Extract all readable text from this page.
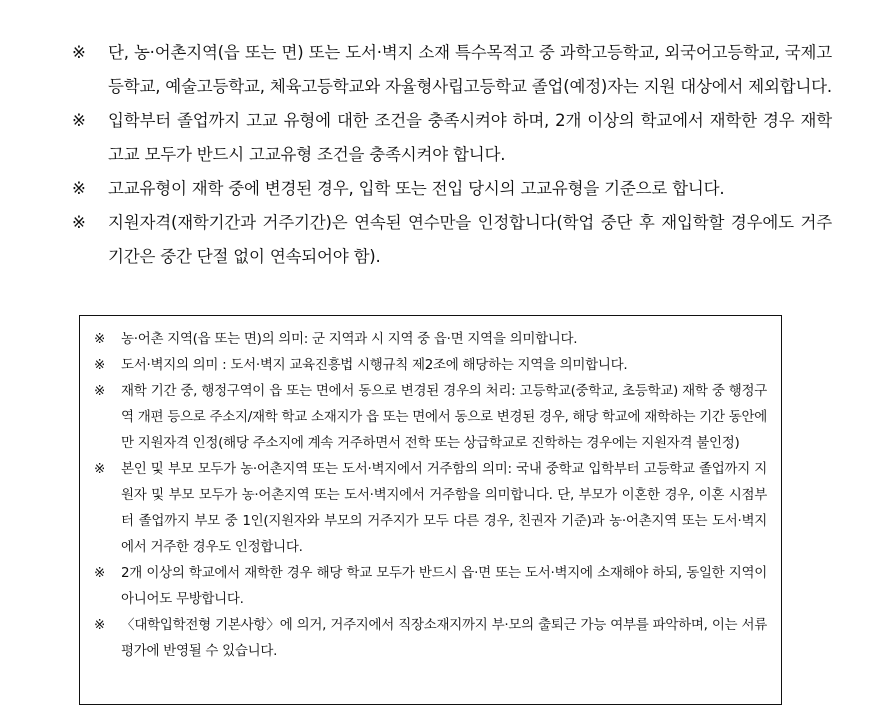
※ 단, 농·어촌지역(읍 또는 면) 또는 도서·벽지 소재 특수목적고 중 과학고등학교, 외국어고등학교, 국제고등학교, 예술고등학교, 체육고등학교와 자율형사립고등학교 졸업(예정)자는 지원 대상에서 제외합니다.
※ 입학부터 졸업까지 고교 유형에 대한 조건을 충족시켜야 하며, 2개 이상의 학교에서 재학한 경우 재학 고교 모두가 반드시 고교유형 조건을 충족시켜야 합니다.
※ 고교유형이 재학 중에 변경된 경우, 입학 또는 전입 당시의 고교유형을 기준으로 합니다.
※ 지원자격(재학기간과 거주기간)은 연속된 연수만을 인정합니다(학업 중단 후 재입학할 경우에도 거주기간은 중간 단절 없이 연속되어야 함).
※ 농·어촌 지역(읍 또는 면)의 의미: 군 지역과 시 지역 중 읍·면 지역을 의미합니다.
※ 도서·벽지의 의미 : 도서·벽지 교육진흥법 시행규칙 제2조에 해당하는 지역을 의미합니다.
※ 재학 기간 중, 행정구역이 읍 또는 면에서 동으로 변경된 경우의 처리: 고등학교(중학교, 초등학교) 재학 중 행정구역 개편 등으로 주소지/재학 학교 소재지가 읍 또는 면에서 동으로 변경된 경우, 해당 학교에 재학하는 기간 동안에만 지원자격 인정(해당 주소지에 계속 거주하면서 전학 또는 상급학교로 진학하는 경우에는 지원자격 불인정)
※ 본인 및 부모 모두가 농·어촌지역 또는 도서·벽지에서 거주함의 의미: 국내 중학교 입학부터 고등학교 졸업까지 지원자 및 부모 모두가 농·어촌지역 또는 도서·벽지에서 거주함을 의미합니다. 단, 부모가 이혼한 경우, 이혼 시점부터 졸업까지 부모 중 1인(지원자와 부모의 거주지가 모두 다른 경우, 친권자 기준)과 농·어촌지역 또는 도서·벽지에서 거주한 경우도 인정합니다.
※ 2개 이상의 학교에서 재학한 경우 해당 학교 모두가 반드시 읍·면 또는 도서·벽지에 소재해야 하되, 동일한 지역이 아니어도 무방합니다.
※ 〈대학입학전형 기본사항〉에 의거, 거주지에서 직장소재지까지 부·모의 출퇴근 가능 여부를 파악하며, 이는 서류평가에 반영될 수 있습니다.
